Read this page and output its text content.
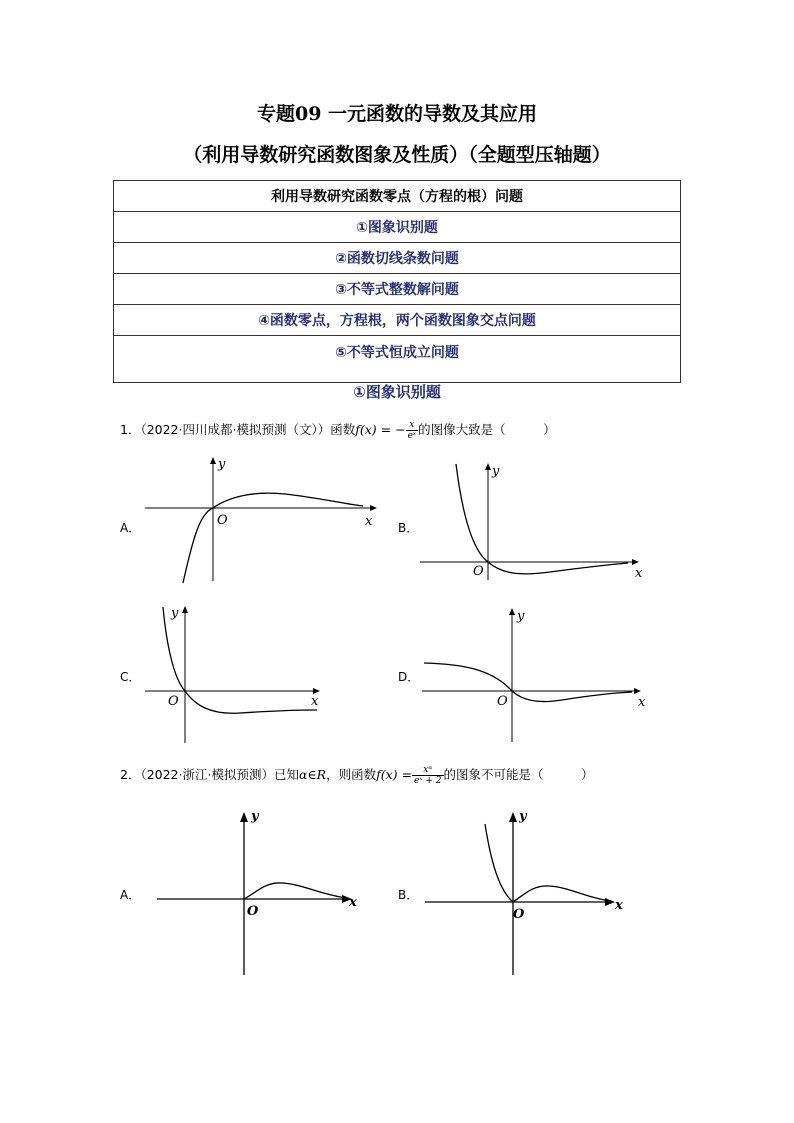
专题09 一元函数的导数及其应用
（利用导数研究函数图象及性质）（全题型压轴题）
利用导数研究函数零点（方程的根）问题
①图象识别题
②函数切线条数问题
③不等式整数解问题
④函数零点，方程根，两个函数图象交点问题
⑤不等式恒成立问题
①图象识别题
1．（2022·四川成都·模拟预测（文））函数f(x) = − $\frac{x}{\text{eˣ}}$ 的图像大致是（　　　）
A．
y
x
O	B．
y
x
O
C．
y
x
O
D．
y
x
O
2．（2022·浙江·模拟预测）已知α∈R，则函数$f(x) = \frac{\text{xᵅ}}{\text{eˣ + 2}}$ 的图象不可能是（　　　）
A．
y
x
O
B．
y
x
O
